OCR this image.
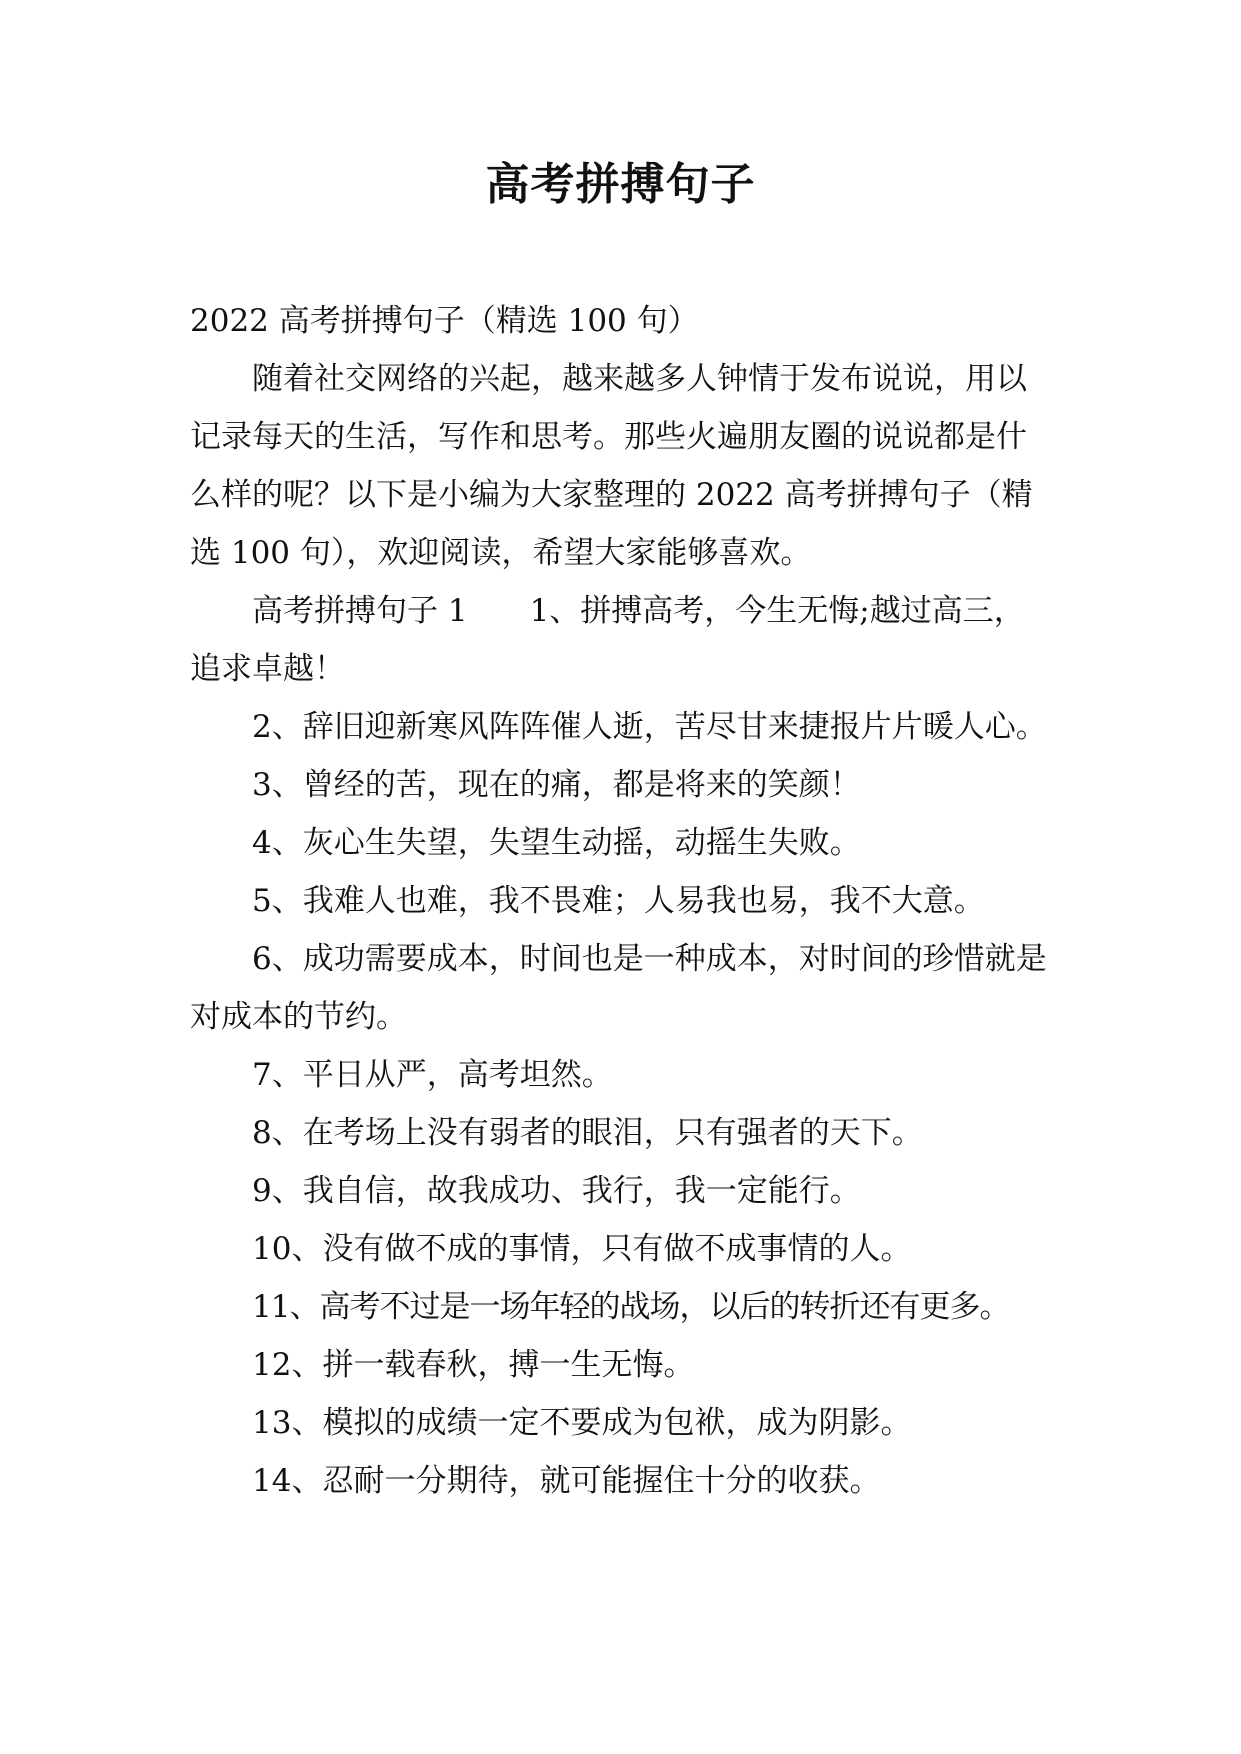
高考拼搏句子

2022 高考拼搏句子（精选 100 句）

随着社交网络的兴起，越来越多人钟情于发布说说，用以记录每天的生活，写作和思考。那些火遍朋友圈的说说都是什么样的呢？以下是小编为大家整理的 2022 高考拼搏句子（精选 100 句），欢迎阅读，希望大家能够喜欢。

高考拼搏句子 1 1、拼搏高考，今生无悔;越过高三，追求卓越！

2、辞旧迎新寒风阵阵催人逝，苦尽甘来捷报片片暖人心。

3、曾经的苦，现在的痛，都是将来的笑颜！

4、灰心生失望，失望生动摇，动摇生失败。

5、我难人也难，我不畏难；人易我也易，我不大意。

6、成功需要成本，时间也是一种成本，对时间的珍惜就是对成本的节约。

7、平日从严，高考坦然。

8、在考场上没有弱者的眼泪，只有强者的天下。

9、我自信，故我成功、我行，我一定能行。

10、没有做不成的事情，只有做不成事情的人。

11、高考不过是一场年轻的战场，以后的转折还有更多。

12、拼一载春秋，搏一生无悔。

13、模拟的成绩一定不要成为包袱，成为阴影。

14、忍耐一分期待，就可能握住十分的收获。
